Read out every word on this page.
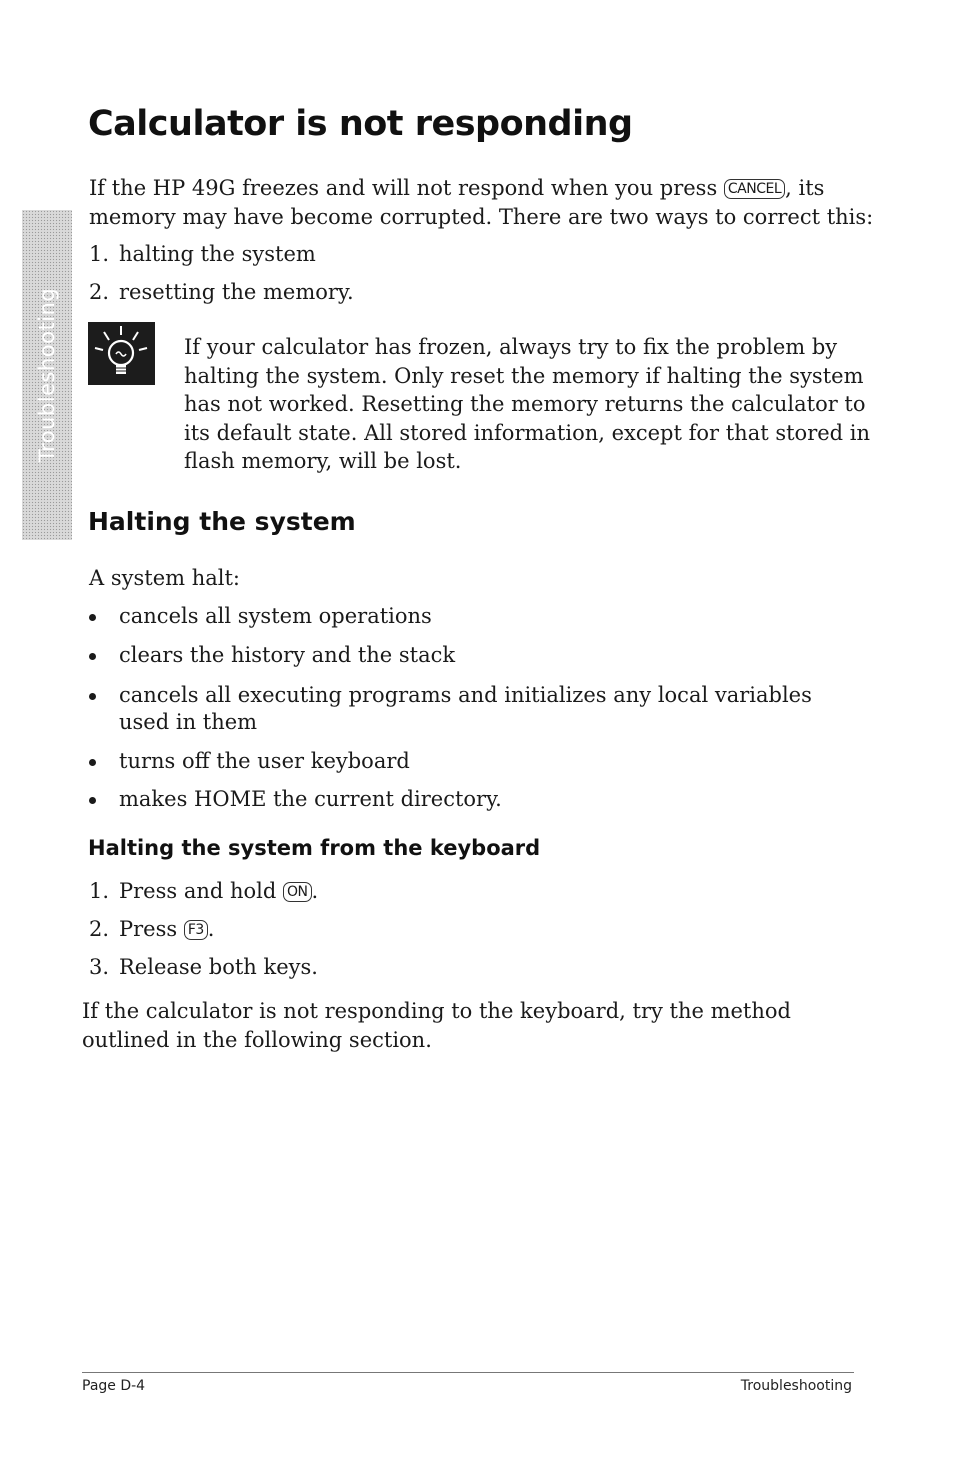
Troubleshooting
Calculator is not responding
If the HP 49G freezes and will not respond when you press CANCEL , its memory may have become corrupted. There are two ways to correct this:
1. halting the system
2. resetting the memory.
If your calculator has frozen, always try to fix the problem by halting the system. Only reset the memory if halting the system has not worked. Resetting the memory returns the calculator to its default state. All stored information, except for that stored in flash memory, will be lost.
Halting the system
A system halt:
cancels all system operations
clears the history and the stack
cancels all executing programs and initializes any local variables used in them
turns off the user keyboard
makes HOME the current directory.
Halting the system from the keyboard
1. Press and hold ON .
2. Press F3 .
3. Release both keys.
If the calculator is not responding to the keyboard, try the method outlined in the following section.
Page D-4	Troubleshooting
